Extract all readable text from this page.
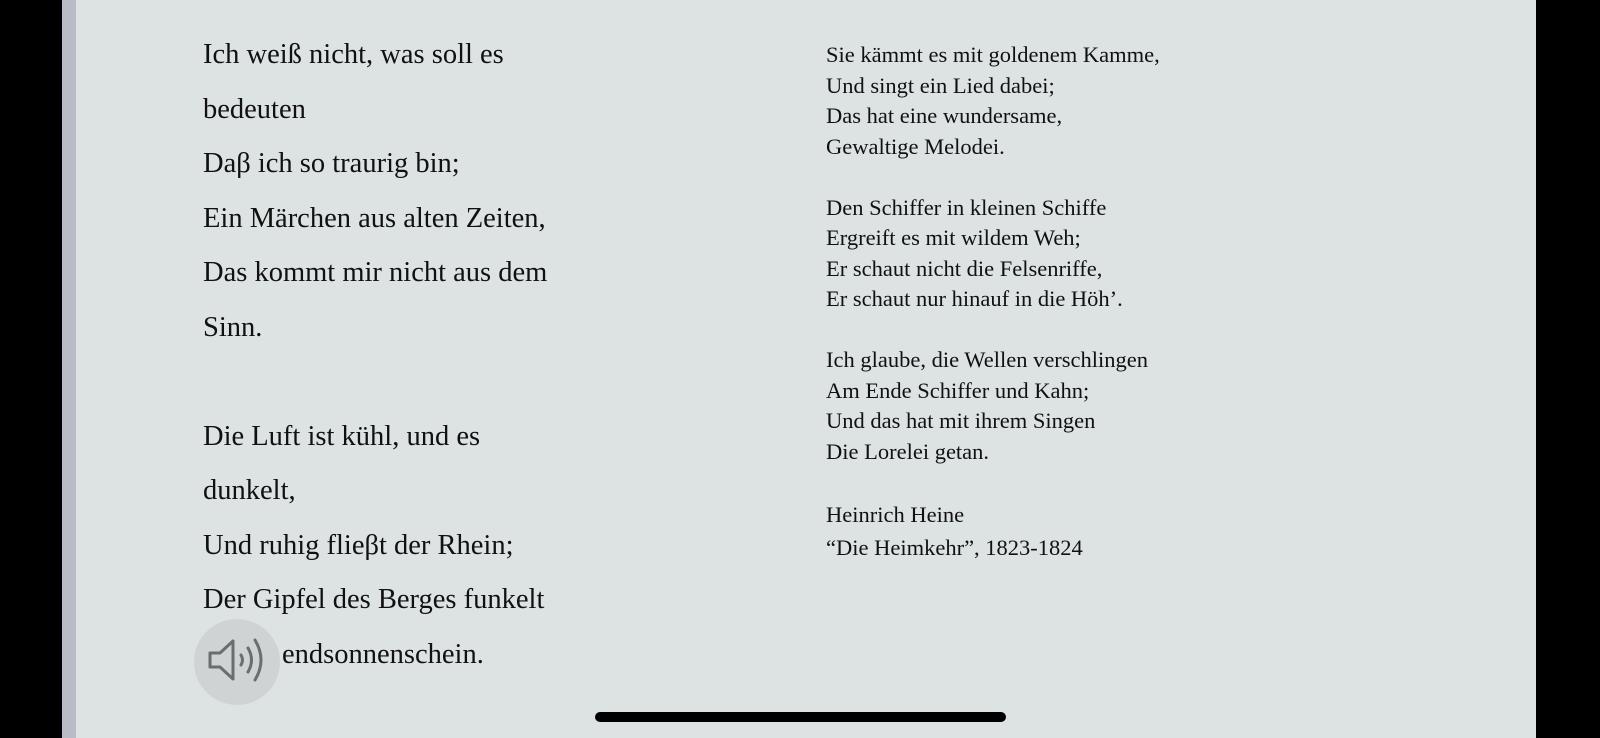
Ich weiß nicht, was soll es
bedeuten
Daβ ich so traurig bin;
Ein Märchen aus alten Zeiten,
Das kommt mir nicht aus dem
Sinn.
Die Luft ist kühl, und es
dunkelt,
Und ruhig flieβt der Rhein;
Der Gipfel des Berges funkelt
endsonnenschein.
Sie kämmt es mit goldenem Kamme,
Und singt ein Lied dabei;
Das hat eine wundersame,
Gewaltige Melodei.
Den Schiffer in kleinen Schiffe
Ergreift es mit wildem Weh;
Er schaut nicht die Felsenriffe,
Er schaut nur hinauf in die Höh’.
Ich glaube, die Wellen verschlingen
Am Ende Schiffer und Kahn;
Und das hat mit ihrem Singen
Die Lorelei getan.
Heinrich Heine
“Die Heimkehr”, 1823-1824
